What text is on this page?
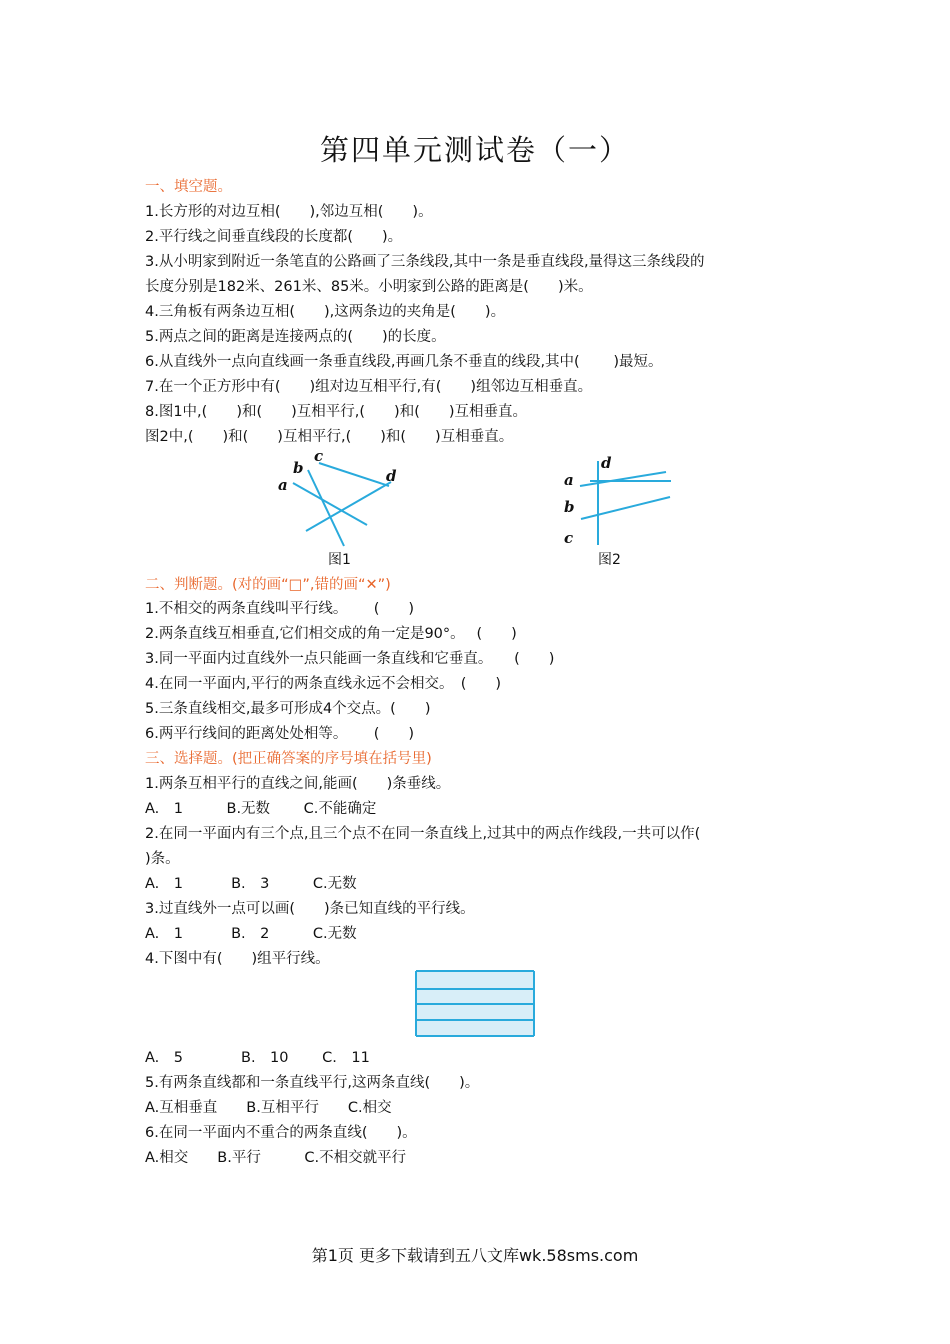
第四单元测试卷（一）
一、填空题。
1.长方形的对边互相(　　),邻边互相(　　)。
2.平行线之间垂直线段的长度都(　　)。
3.从小明家到附近一条笔直的公路画了三条线段,其中一条是垂直线段,量得这三条线段的
长度分别是182米、261米、85米。小明家到公路的距离是(　　)米。
4.三角板有两条边互相(　　),这两条边的夹角是(　　)。
5.两点之间的距离是连接两点的(　　)的长度。
6.从直线外一点向直线画一条垂直线段,再画几条不垂直的线段,其中(　　 )最短。
7.在一个正方形中有(　　)组对边互相平行,有(　　)组邻边互相垂直。
8.图1中,(　　)和(　　)互相平行,(　　)和(　　)互相垂直。
图2中,(　　)和(　　)互相平行,(　　)和(　　)互相垂直。
a
b
c
d	a
b
c
d
图1	图2
二、判断题。(对的画“□”,错的画“✕”)
1.不相交的两条直线叫平行线。　　 (　　)
2.两条直线互相垂直,它们相交成的角一定是90°。　 (　　)
3.同一平面内过直线外一点只能画一条直线和它垂直。　　(　　)
4.在同一平面内,平行的两条直线永远不会相交。　(　　)
5.三条直线相交,最多可形成4个交点。(　　)
6.两平行线间的距离处处相等。　　 (　　)
三、选择题。(把正确答案的序号填在括号里)
1.两条互相平行的直线之间,能画(　　)条垂线。
A.　1　　　B.无数　　 C.不能确定
2.在同一平面内有三个点,且三个点不在同一条直线上,过其中的两点作线段,一共可以作(
)条。
A.　1　　　 B.　3　　　C.无数
3.过直线外一点可以画(　　)条已知直线的平行线。
A.　1　　　 B.　2　　　C.无数
4.下图中有(　　)组平行线。
A.　5　　　　B.　10　　 C.　11
5.有两条直线都和一条直线平行,这两条直线(　　)。
A.互相垂直　　B.互相平行　　C.相交
6.在同一平面内不重合的两条直线(　　)。
A.相交　　B.平行　　　C.不相交就平行
第1页 更多下载请到五八文库wk.58sms.com
